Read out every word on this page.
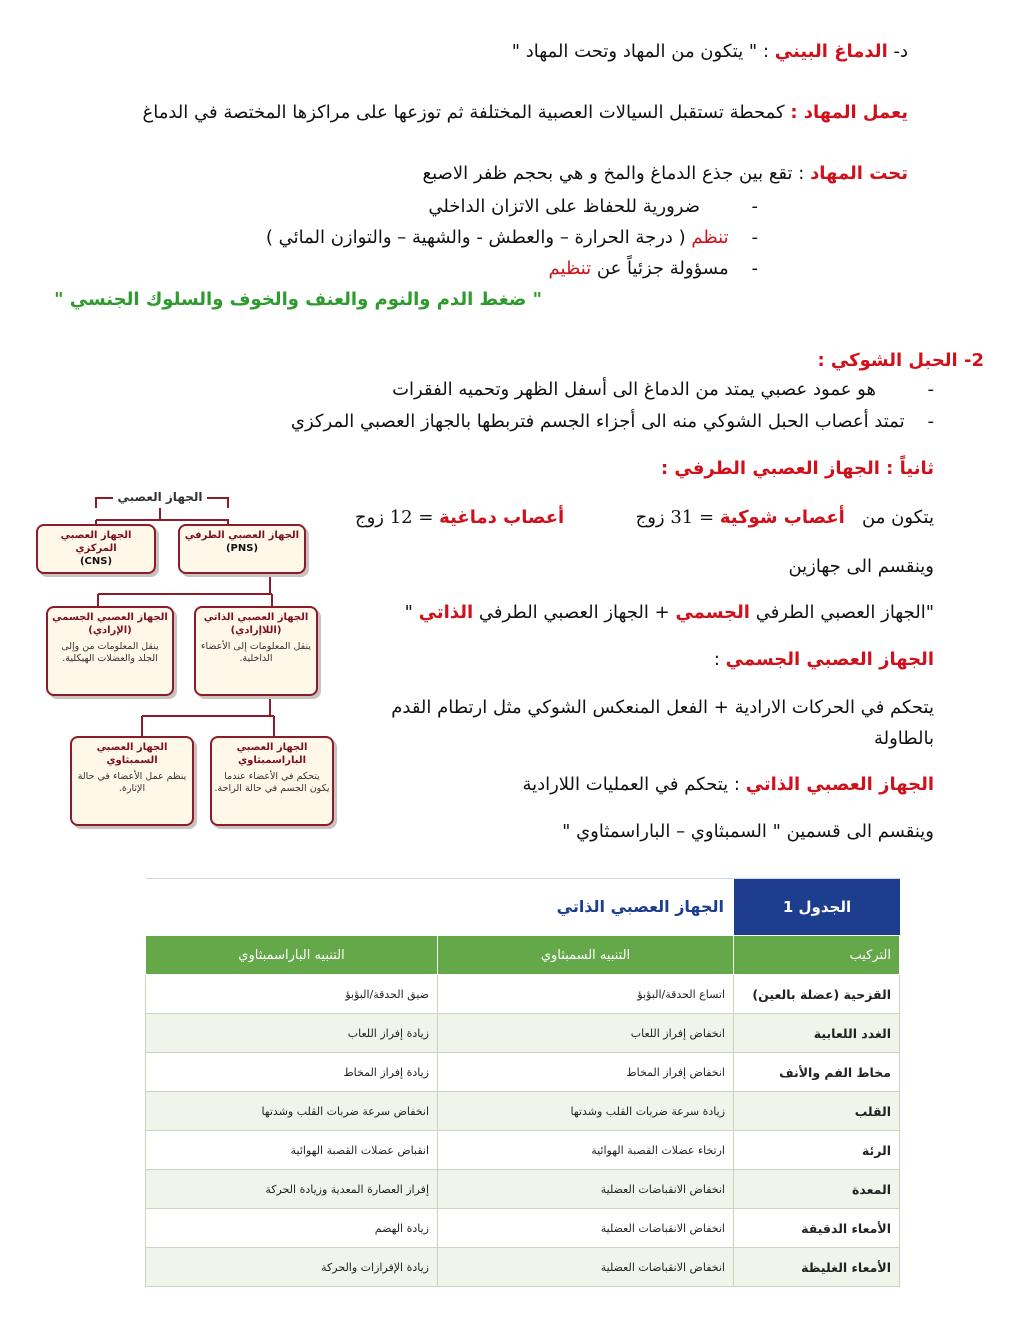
د- الدماغ البيني : " يتكون من المهاد وتحت المهاد "
يعمل المهاد : كمحطة تستقبل السيالات العصبية المختلفة ثم توزعها على مراكزها المختصة في الدماغ
تحت المهاد : تقع بين جذع الدماغ والمخ و هي بحجم ظفر الاصبع
-         ضرورية للحفاظ على الاتزان الداخلي
-    تنظم ( درجة الحرارة – والعطش - والشهية – والتوازن المائي )
-    مسؤولة جزئياً عن تنظيم
" ضغط الدم والنوم والعنف والخوف والسلوك الجنسي "
2- الحبل الشوكي :
-         هو عمود عصبي يمتد من الدماغ الى أسفل الظهر وتحميه الفقرات
-    تمتد أعصاب الحبل الشوكي منه الى أجزاء الجسم فتربطها بالجهاز العصبي المركزي
ثانياً : الجهاز العصبي الطرفي :
يتكون من   أعصاب شوكية = 31 زوج  أعصاب دماغية = 12 زوج
وينقسم الى جهازين
"الجهاز العصبي الطرفي الجسمي + الجهاز العصبي الطرفي الذاتي "
الجهاز العصبي الجسمي :
يتحكم في الحركات الارادية + الفعل المنعكس الشوكي مثل ارتطام القدم
بالطاولة
الجهاز العصبي الذاتي : يتحكم في العمليات اللارادية
وينقسم الى قسمين " السمبثاوي – الباراسمثاوي "
الجهاز العصبي
الجهاز العصبي الطرفي
(PNS)
الجهاز العصبي المركزي
(CNS)
الجهاز العصبي الذاتي
(اللاإرادي)
ينقل المعلومات إلى الأعضاء الداخلية.
الجهاز العصبي الجسمي
(الإرادي)
ينقل المعلومات من وإلى الجلد والعضلات الهيكلية.
الجهاز العصبي الباراسمبثاوي
يتحكم في الأعضاء عندما يكون الجسم في حالة الراحة.
الجهاز العصبي السمبثاوي
ينظم عمل الأعضاء في حالة الإثارة.
الجدول 1
الجهاز العصبي الذاتي
التركيب	التنبيه السمبثاوي	التنبيه الباراسمبثاوي
القزحية (عضلة بالعين)	اتساع الحدقة/البؤبؤ	ضيق الحدقة/البؤبؤ
الغدد اللعابية	انخفاض إفراز اللعاب	زيادة إفراز اللعاب
مخاط الفم والأنف	انخفاض إفراز المخاط	زيادة إفراز المخاط
القلب	زيادة سرعة ضربات القلب وشدتها	انخفاض سرعة ضربات القلب وشدتها
الرئة	ارتخاء عضلات القصبة الهوائية	انقباض عضلات القصبة الهوائية
المعدة	انخفاض الانقباضات العضلية	إفراز العصارة المعدية وزيادة الحركة
الأمعاء الدقيقة	انخفاض الانقباضات العضلية	زيادة الهضم
الأمعاء الغليظة	انخفاض الانقباضات العضلية	زيادة الإفرازات والحركة
